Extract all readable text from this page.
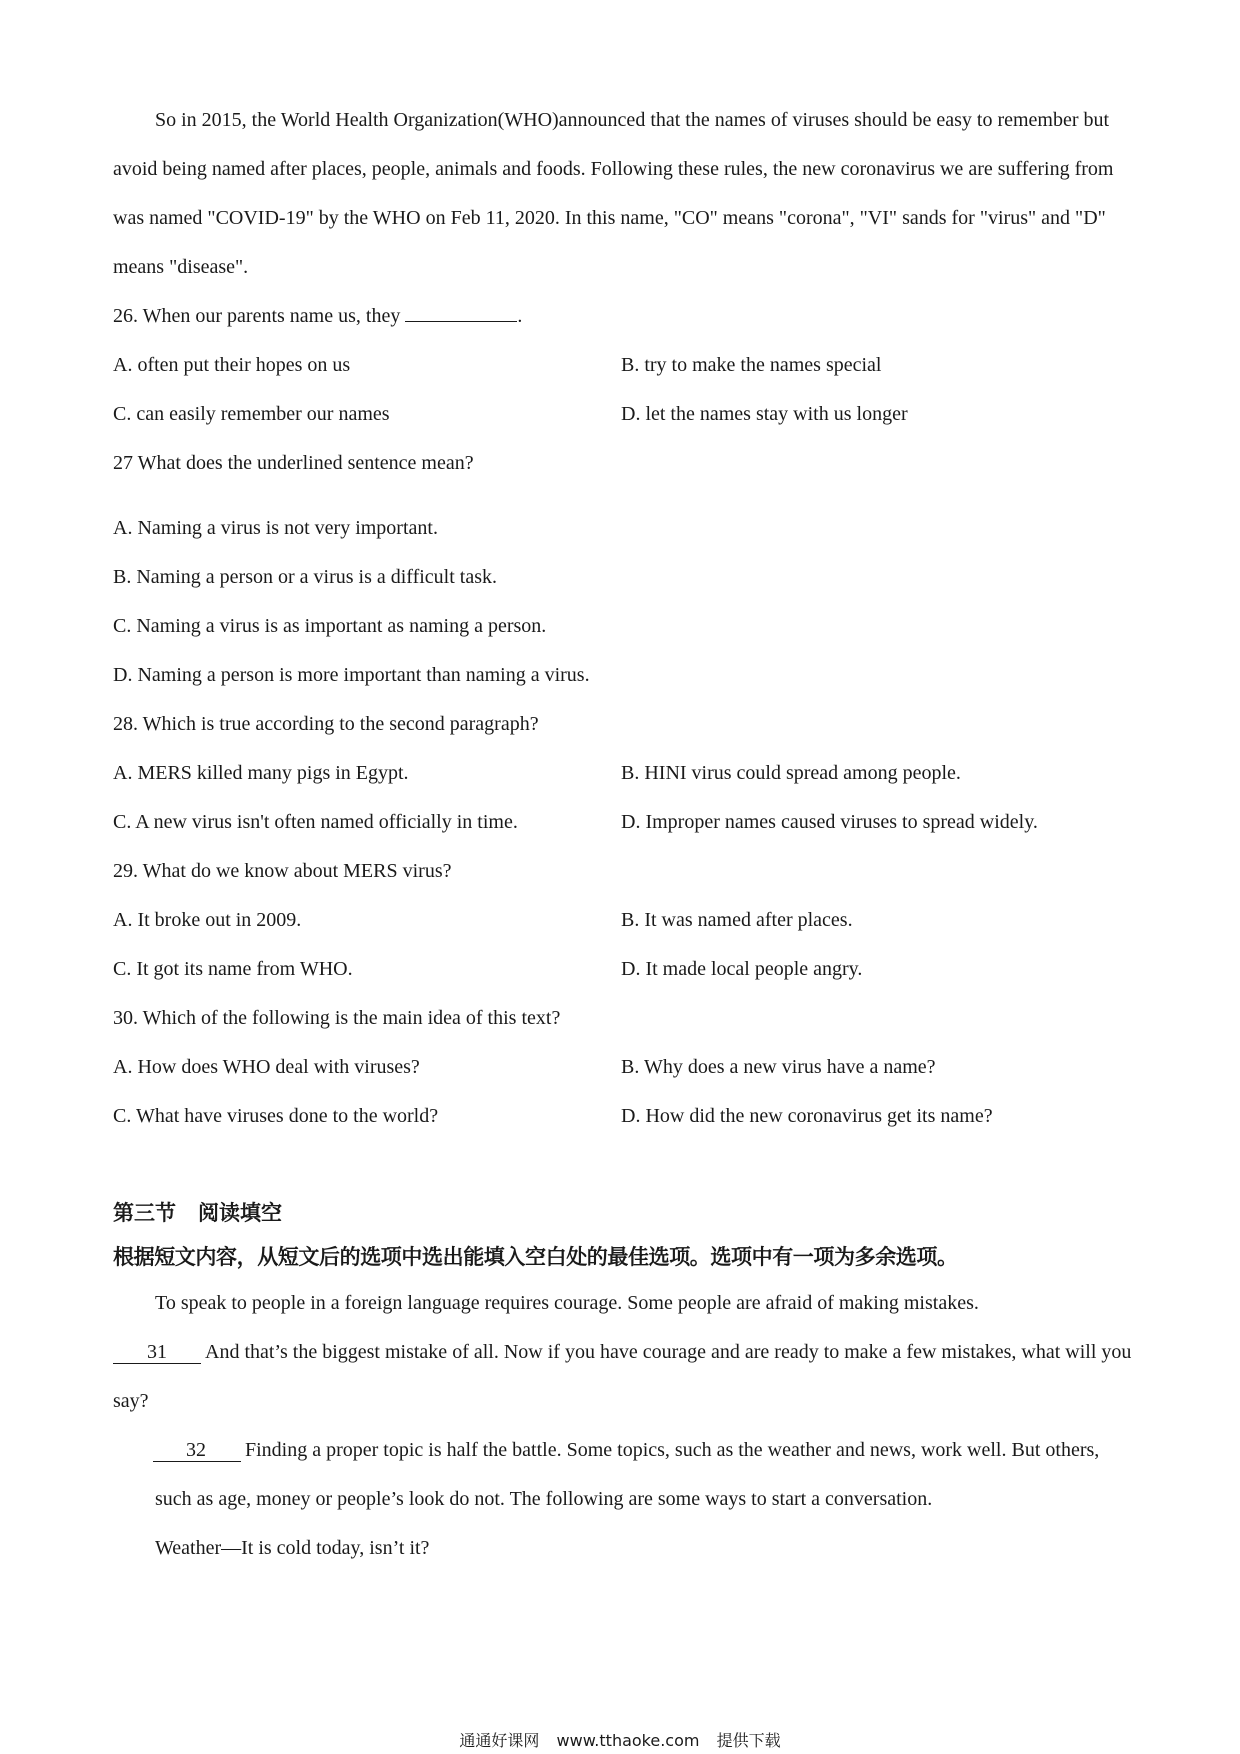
So in 2015, the World Health Organization(WHO)announced that the names of viruses should be easy to remember but avoid being named after places, people, animals and foods. Following these rules, the new coronavirus we are suffering from was named "COVID-19" by the WHO on Feb 11, 2020. In this name, "CO" means "corona", "VI" sands for "virus" and "D" means "disease".

26. When our parents name us, they	.
A. often put their hopes on us	B. try to make the names special
C. can easily remember our names	D. let the names stay with us longer
27 What does the underlined sentence mean?
A. Naming a virus is not very important.
B. Naming a person or a virus is a difficult task.
C. Naming a virus is as important as naming a person.
D. Naming a person is more important than naming a virus.
28. Which is true according to the second paragraph?
A. MERS killed many pigs in Egypt.	B. HINI virus could spread among people.
C. A new virus isn't often named officially in time.	D. Improper names caused viruses to spread widely.
29. What do we know about MERS virus?
A. It broke out in 2009.	B. It was named after places.
C. It got its name from WHO.	D. It made local people angry.
30. Which of the following is the main idea of this text?
A. How does WHO deal with viruses?	B. Why does a new virus have a name?
C. What have viruses done to the world?	D. How did the new coronavirus get its name?
第三节 阅读填空
根据短文内容，从短文后的选项中选出能填入空白处的最佳选项。选项中有一项为多余选项。
To speak to people in a foreign language requires courage. Some people are afraid of making mistakes.

31 And that’s the biggest mistake of all. Now if you have courage and are ready to make a few mistakes, what will you say?

32 Finding a proper topic is half the battle. Some topics, such as the weather and news, work well. But others, such as age, money or people’s look do not. The following are some ways to start a conversation.

Weather—It is cold today, isn’t it?
通通好课网 www.tthaoke.com 提供下载
